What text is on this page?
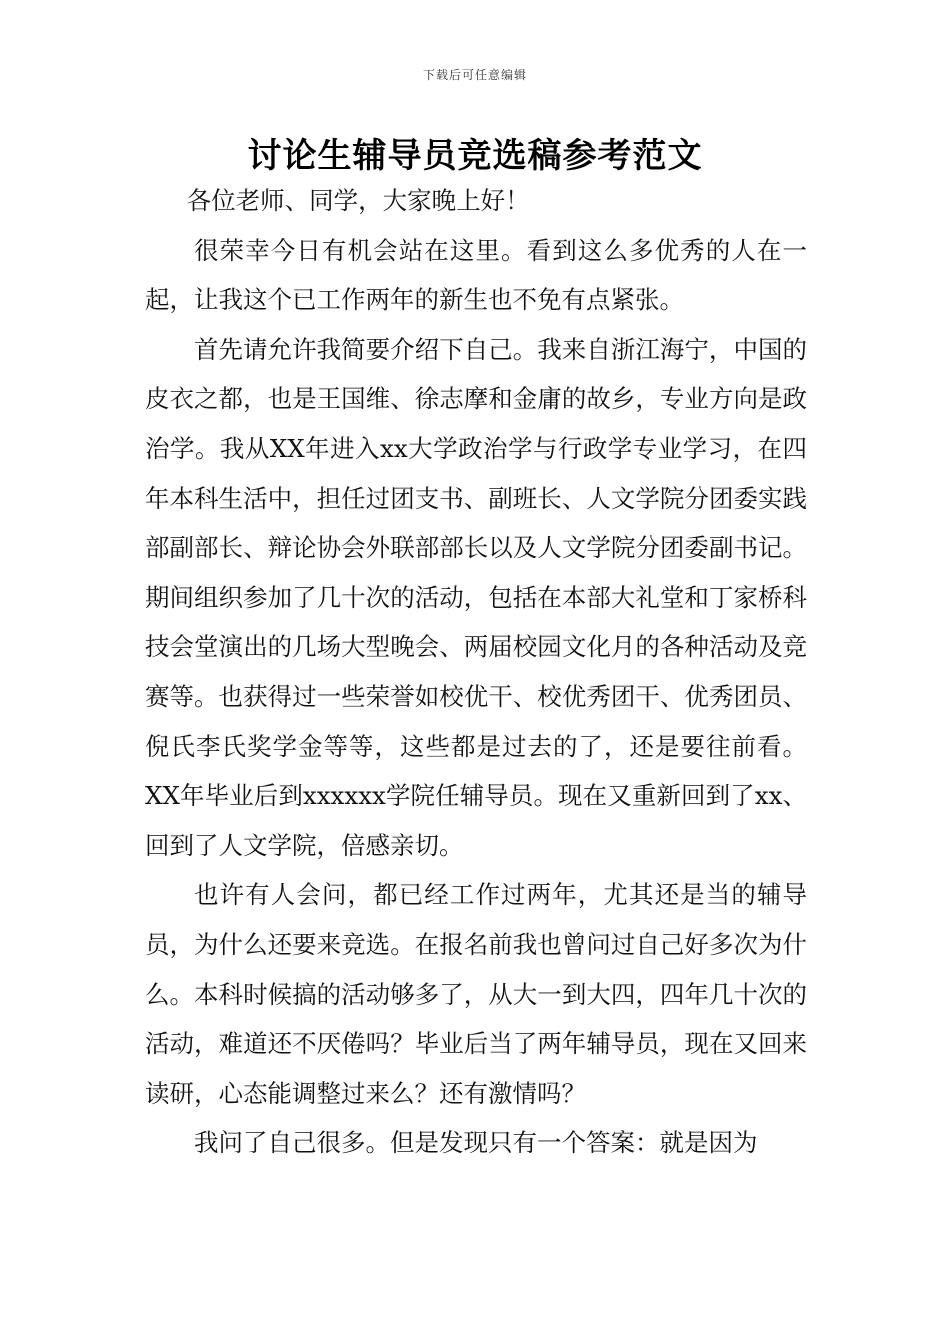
下载后可任意编辑
讨论生辅导员竞选稿参考范文

各位老师、同学，大家晚上好！

很荣幸今日有机会站在这里。看到这么多优秀的人在一起，让我这个已工作两年的新生也不免有点紧张。

首先请允许我简要介绍下自己。我来自浙江海宁，中国的皮衣之都，也是王国维、徐志摩和金庸的故乡，专业方向是政治学。我从XX年进入xx大学政治学与行政学专业学习，在四年本科生活中，担任过团支书、副班长、人文学院分团委实践部副部长、辩论协会外联部部长以及人文学院分团委副书记。期间组织参加了几十次的活动，包括在本部大礼堂和丁家桥科技会堂演出的几场大型晚会、两届校园文化月的各种活动及竞赛等。也获得过一些荣誉如校优干、校优秀团干、优秀团员、倪氏李氏奖学金等等，这些都是过去的了，还是要往前看。XX年毕业后到xxxxxx学院任辅导员。现在又重新回到了xx、回到了人文学院，倍感亲切。

也许有人会问，都已经工作过两年，尤其还是当的辅导员，为什么还要来竞选。在报名前我也曾问过自己好多次为什么。本科时候搞的活动够多了，从大一到大四，四年几十次的活动，难道还不厌倦吗？毕业后当了两年辅导员，现在又回来读研，心态能调整过来么？还有激情吗？

我问了自己很多。但是发现只有一个答案：就是因为
